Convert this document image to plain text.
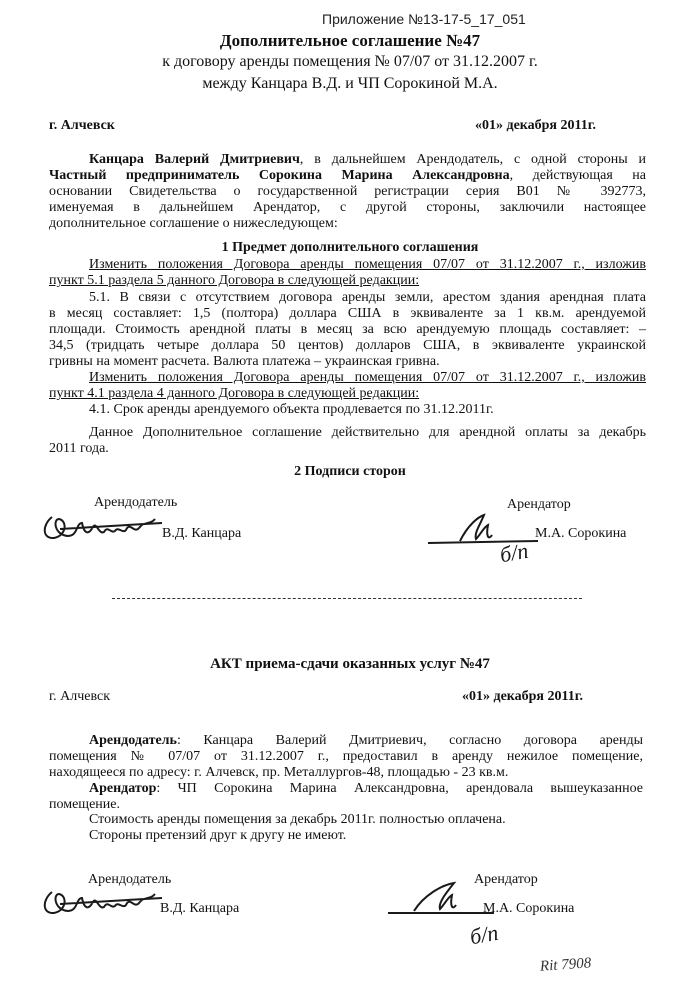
Приложение №13-17-5_17_051
Дополнительное соглашение №47
к договору аренды помещения № 07/07 от 31.12.2007 г.
между Канцара В.Д. и ЧП Сорокиной М.А.
г. Алчевск	«01» декабря 2011г.
Канцара Валерий Дмитриевич, в дальнейшем Арендодатель, с одной стороны и
Частный предприниматель Сорокина Марина Александровна, действующая на
основании Свидетельства о государственной регистрации серия В01 № 392773,
именуемая в дальнейшем Арендатор, с другой стороны, заключили настоящее
дополнительное соглашение о нижеследующем:
1 Предмет дополнительного соглашения
Изменить положения Договора аренды помещения 07/07 от 31.12.2007 г., изложив
пункт 5.1 раздела 5 данного Договора в следующей редакции:
5.1. В связи с отсутствием договора аренды земли, арестом здания арендная плата
в месяц составляет: 1,5 (полтора) доллара США в эквиваленте за 1 кв.м. арендуемой
площади. Стоимость арендной платы в месяц за всю арендуемую площадь составляет: –
34,5 (тридцать четыре доллара 50 центов) долларов США, в эквиваленте украинской
гривны на момент расчета. Валюта платежа – украинская гривна.
Изменить положения Договора аренды помещения 07/07 от 31.12.2007 г., изложив
пункт 4.1 раздела 4 данного Договора в следующей редакции:
4.1. Срок аренды арендуемого объекта продлевается по 31.12.2011г.
Данное Дополнительное соглашение действительно для арендной оплаты за декабрь
2011 года.
2 Подписи сторон
Арендодатель	Арендатор
В.Д. Канцара	М.А. Сорокина
б/п
АКТ приема-сдачи оказанных услуг №47
г. Алчевск	«01» декабря 2011г.
Арендодатель: Канцара Валерий Дмитриевич, согласно договора аренды
помещения № 07/07 от 31.12.2007 г., предоставил в аренду нежилое помещение,
находящееся по адресу: г. Алчевск, пр. Металлургов-48, площадью - 23 кв.м.
Арендатор: ЧП Сорокина Марина Александровна, арендовала вышеуказанное
помещение.
Стоимость аренды помещения за декабрь 2011г. полностью оплачена.
Стороны претензий друг к другу не имеют.
Арендодатель	Арендатор
В.Д. Канцара	М.А. Сорокина
б/п
Rit 7908
